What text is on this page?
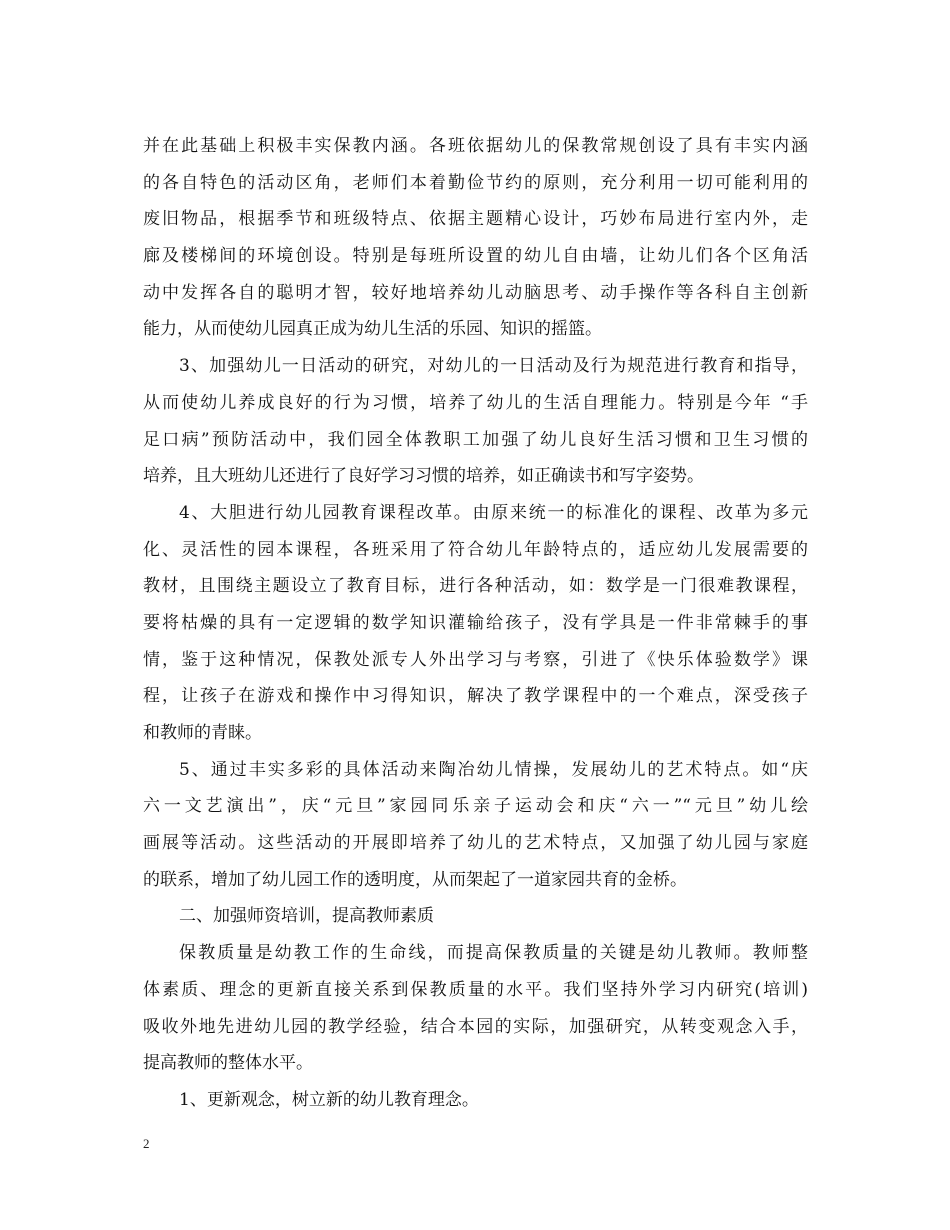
并在此基础上积极丰实保教内涵。各班依据幼儿的保教常规创设了具有丰实内涵
的各自特色的活动区角，老师们本着勤俭节约的原则，充分利用一切可能利用的
废旧物品，根据季节和班级特点、依据主题精心设计，巧妙布局进行室内外，走
廊及楼梯间的环境创设。特别是每班所设置的幼儿自由墙，让幼儿们各个区角活
动中发挥各自的聪明才智，较好地培养幼儿动脑思考、动手操作等各科自主创新
能力，从而使幼儿园真正成为幼儿生活的乐园、知识的摇篮。
3、加强幼儿一日活动的研究，对幼儿的一日活动及行为规范进行教育和指导，
从而使幼儿养成良好的行为习惯，培养了幼儿的生活自理能力。特别是今年 “手
足口病”预防活动中，我们园全体教职工加强了幼儿良好生活习惯和卫生习惯的
培养，且大班幼儿还进行了良好学习习惯的培养，如正确读书和写字姿势。
4、大胆进行幼儿园教育课程改革。由原来统一的标准化的课程、改革为多元
化、灵活性的园本课程，各班采用了符合幼儿年龄特点的，适应幼儿发展需要的
教材，且围绕主题设立了教育目标，进行各种活动，如：数学是一门很难教课程，
要将枯燥的具有一定逻辑的数学知识灌输给孩子，没有学具是一件非常棘手的事
情，鉴于这种情况，保教处派专人外出学习与考察，引进了《快乐体验数学》课
程，让孩子在游戏和操作中习得知识，解决了教学课程中的一个难点，深受孩子
和教师的青睐。
5、通过丰实多彩的具体活动来陶冶幼儿情操，发展幼儿的艺术特点。如“庆
六一文艺演出”，庆“元旦”家园同乐亲子运动会和庆“六一”“元旦”幼儿绘
画展等活动。这些活动的开展即培养了幼儿的艺术特点，又加强了幼儿园与家庭
的联系，增加了幼儿园工作的透明度，从而架起了一道家园共育的金桥。
二、加强师资培训，提高教师素质
保教质量是幼教工作的生命线，而提高保教质量的关键是幼儿教师。教师整
体素质、理念的更新直接关系到保教质量的水平。我们坚持外学习内研究(培训)
吸收外地先进幼儿园的教学经验，结合本园的实际，加强研究，从转变观念入手，
提高教师的整体水平。
1、更新观念，树立新的幼儿教育理念。
2
